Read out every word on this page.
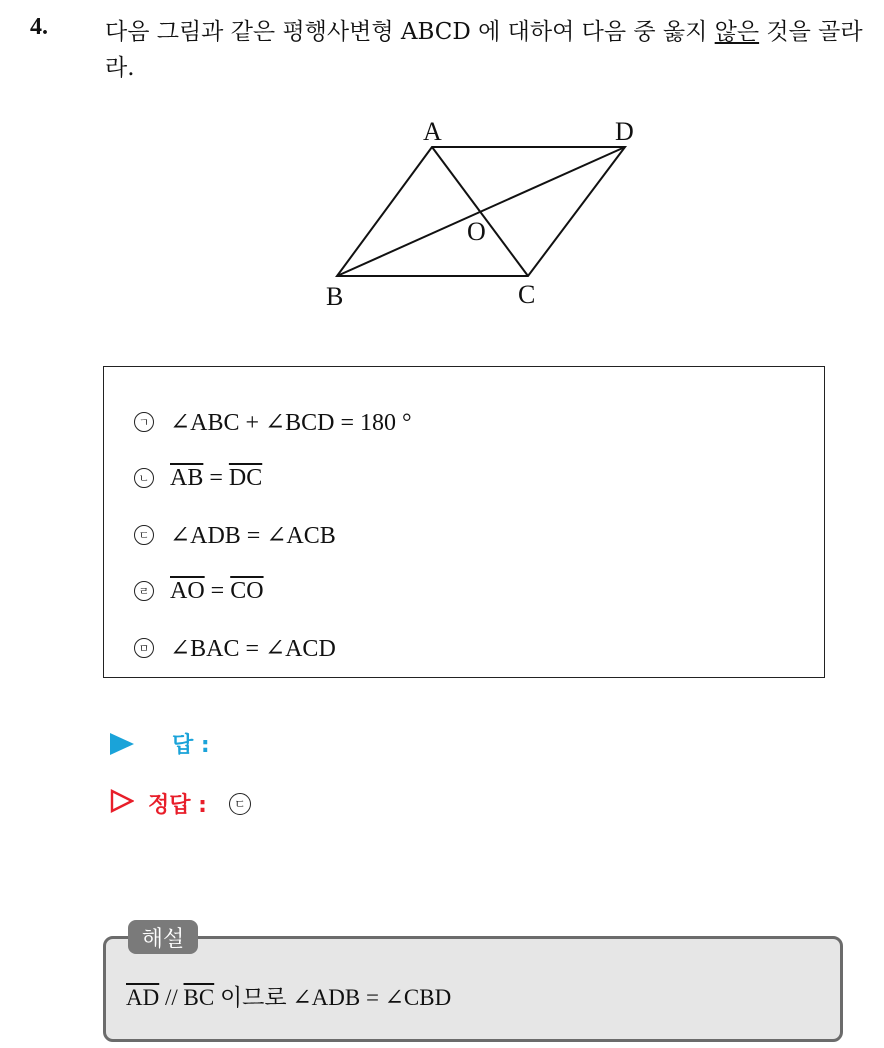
4. 다음 그림과 같은 평행사변형 ABCD 에 대하여 다음 중 옳지 않은 것을 골라라.
A	D
O
B	C
ㄱ ∠ABC + ∠BCD = 180 °
ㄴ $\overline{AB} = \overline{DC}$
ㄷ ∠ADB = ∠ACB
ㄹ $\overline{AO} = \overline{CO}$
ㅁ ∠BAC = ∠ACD
답 :
정답 :	ㄷ
$\overline{AD} // \overline{BC}$ 이므로 ∠ADB = ∠CBD
해설
